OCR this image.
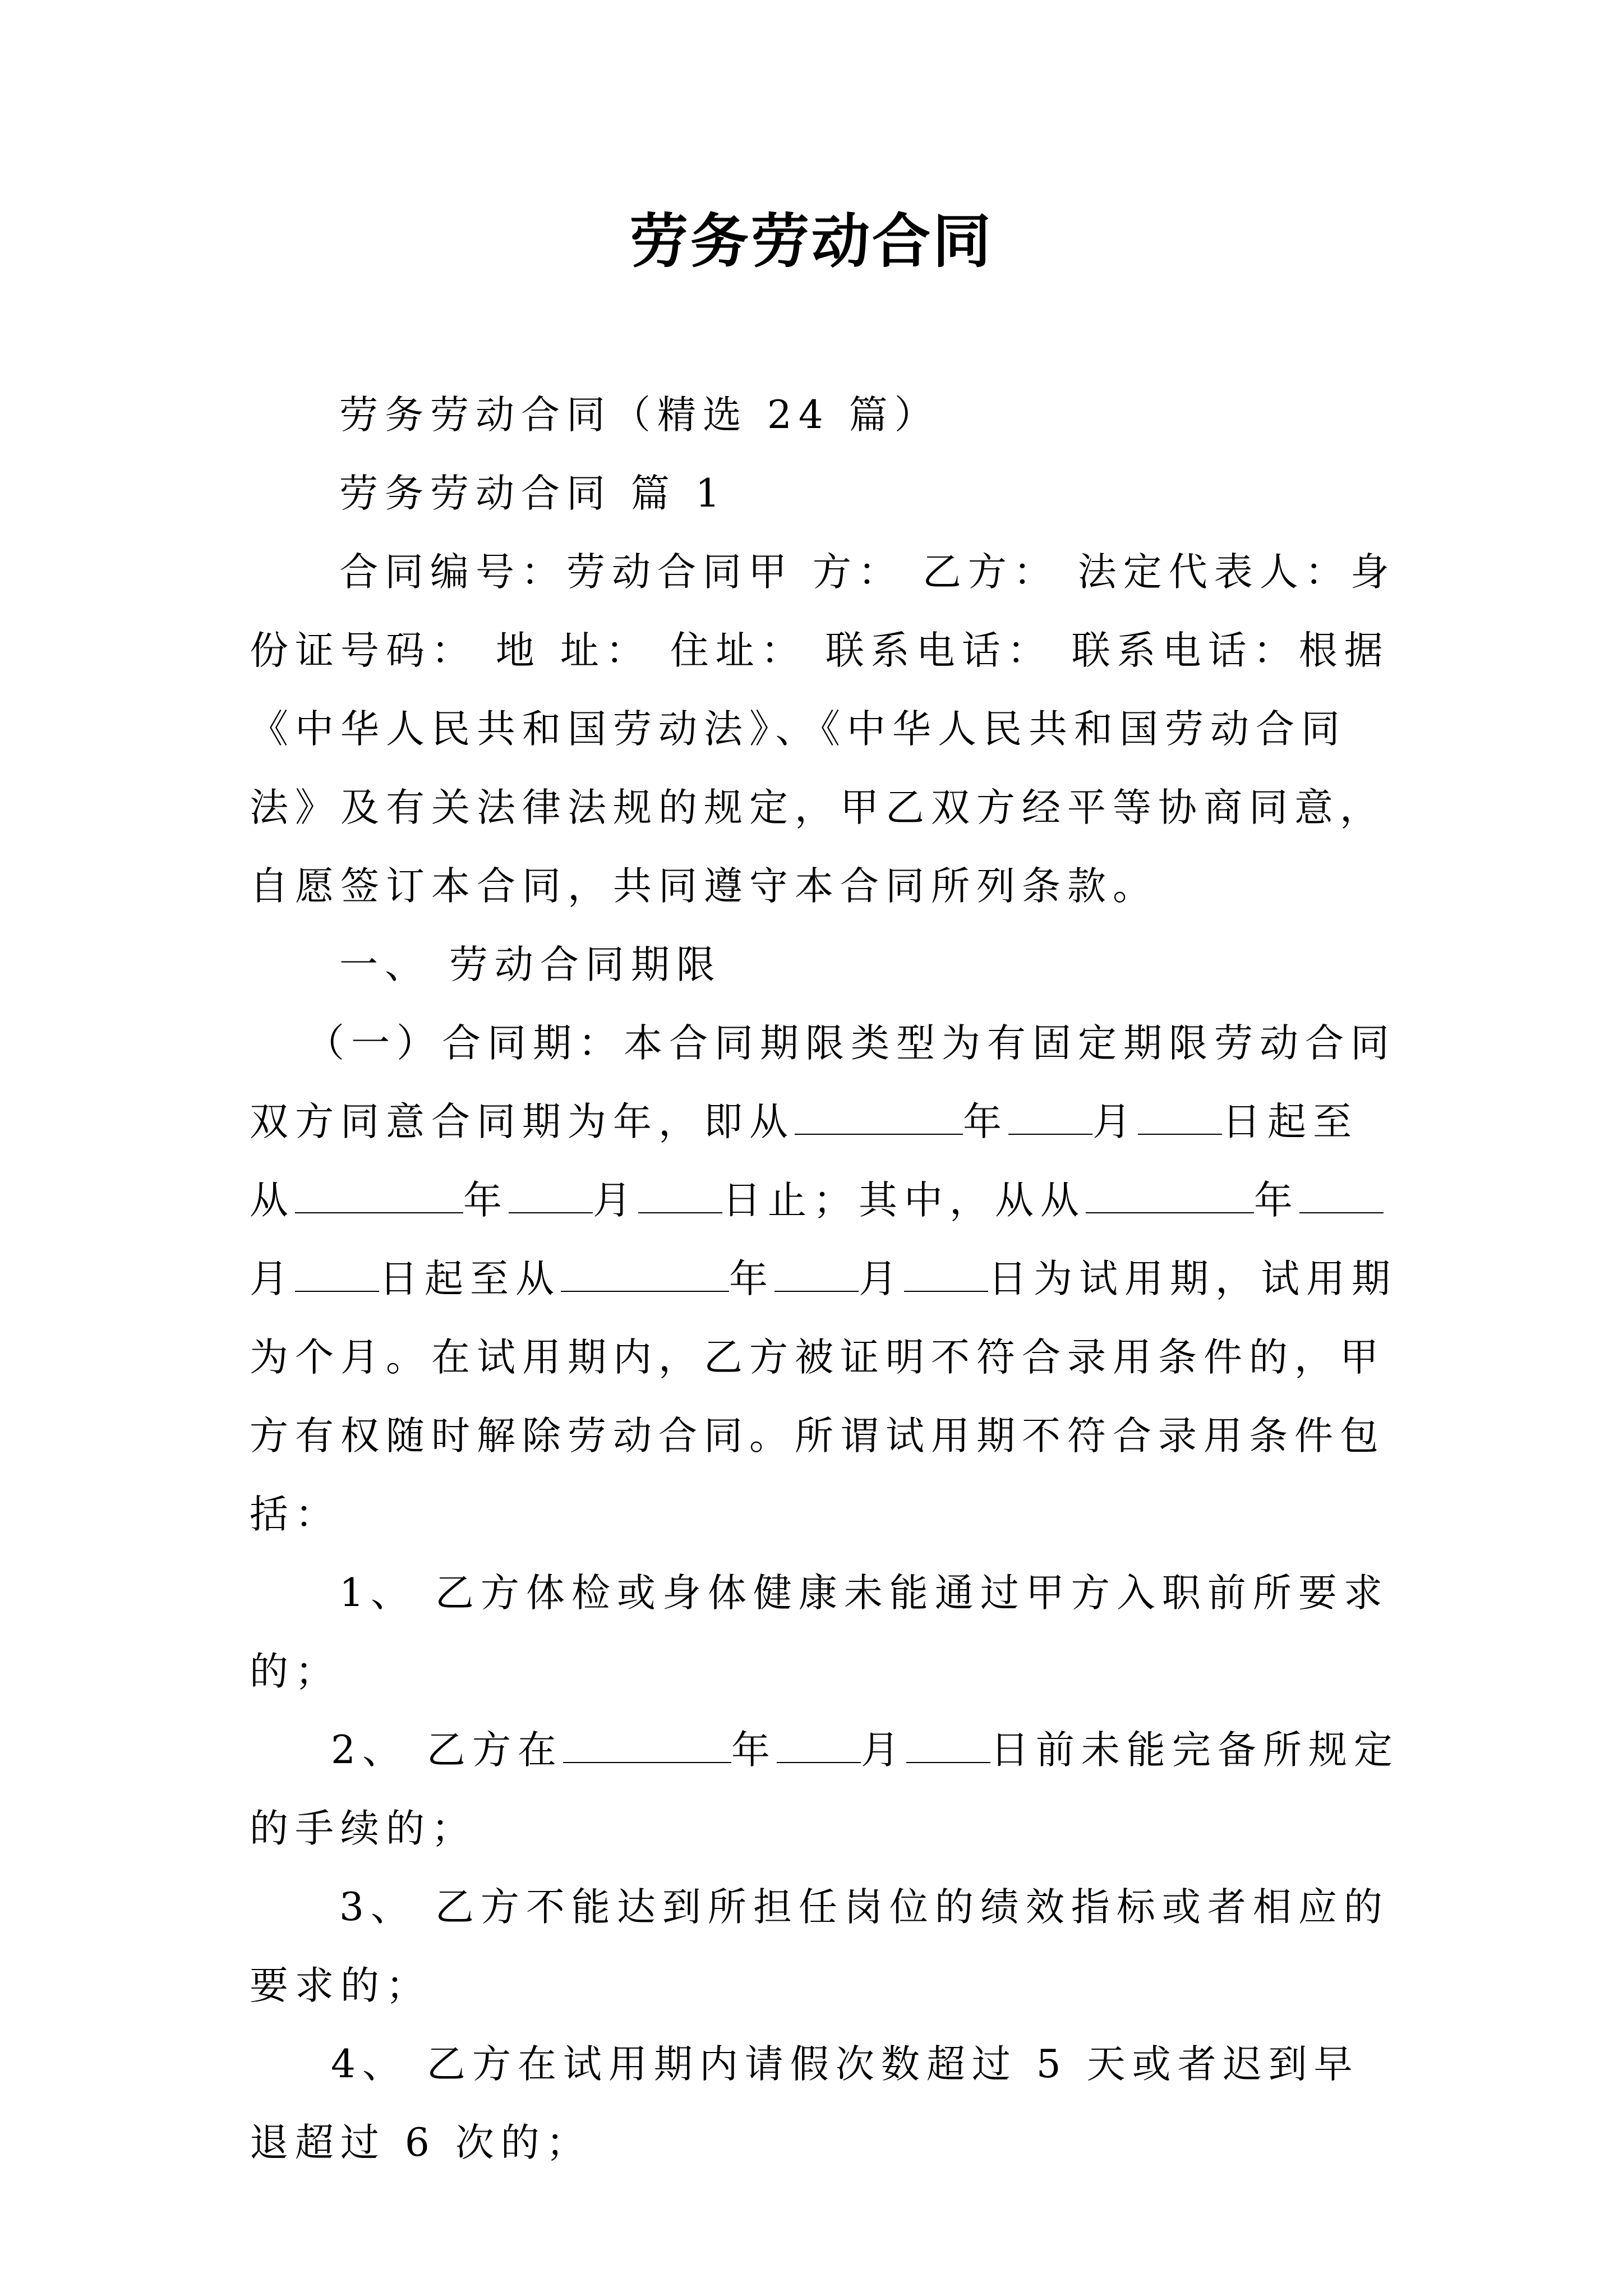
劳务劳动合同

劳务劳动合同（精选 24 篇）

劳务劳动合同 篇 1

合同编号：劳动合同甲 方： 乙方： 法定代表人：身份证号码： 地 址： 住址： 联系电话： 联系电话：根据《中华人民共和国劳动法》、《中华人民共和国劳动合同法》及有关法律法规的规定，甲乙双方经平等协商同意，自愿签订本合同，共同遵守本合同所列条款。

一、 劳动合同期限

（一）合同期：本合同期限类型为有固定期限劳动合同双方同意合同期为年，即从	年 月 日起至从	年 月 日止；其中，从从	年月 日起至从	年 月 日为试用期，试用期为个月。在试用期内，乙方被证明不符合录用条件的，甲方有权随时解除劳动合同。所谓试用期不符合录用条件包括：

1、 乙方体检或身体健康未能通过甲方入职前所要求的；

2、 乙方在	年 月 日前未能完备所规定的手续的；

3、 乙方不能达到所担任岗位的绩效指标或者相应的要求的；

4、 乙方在试用期内请假次数超过 5 天或者迟到早退超过 6 次的；
